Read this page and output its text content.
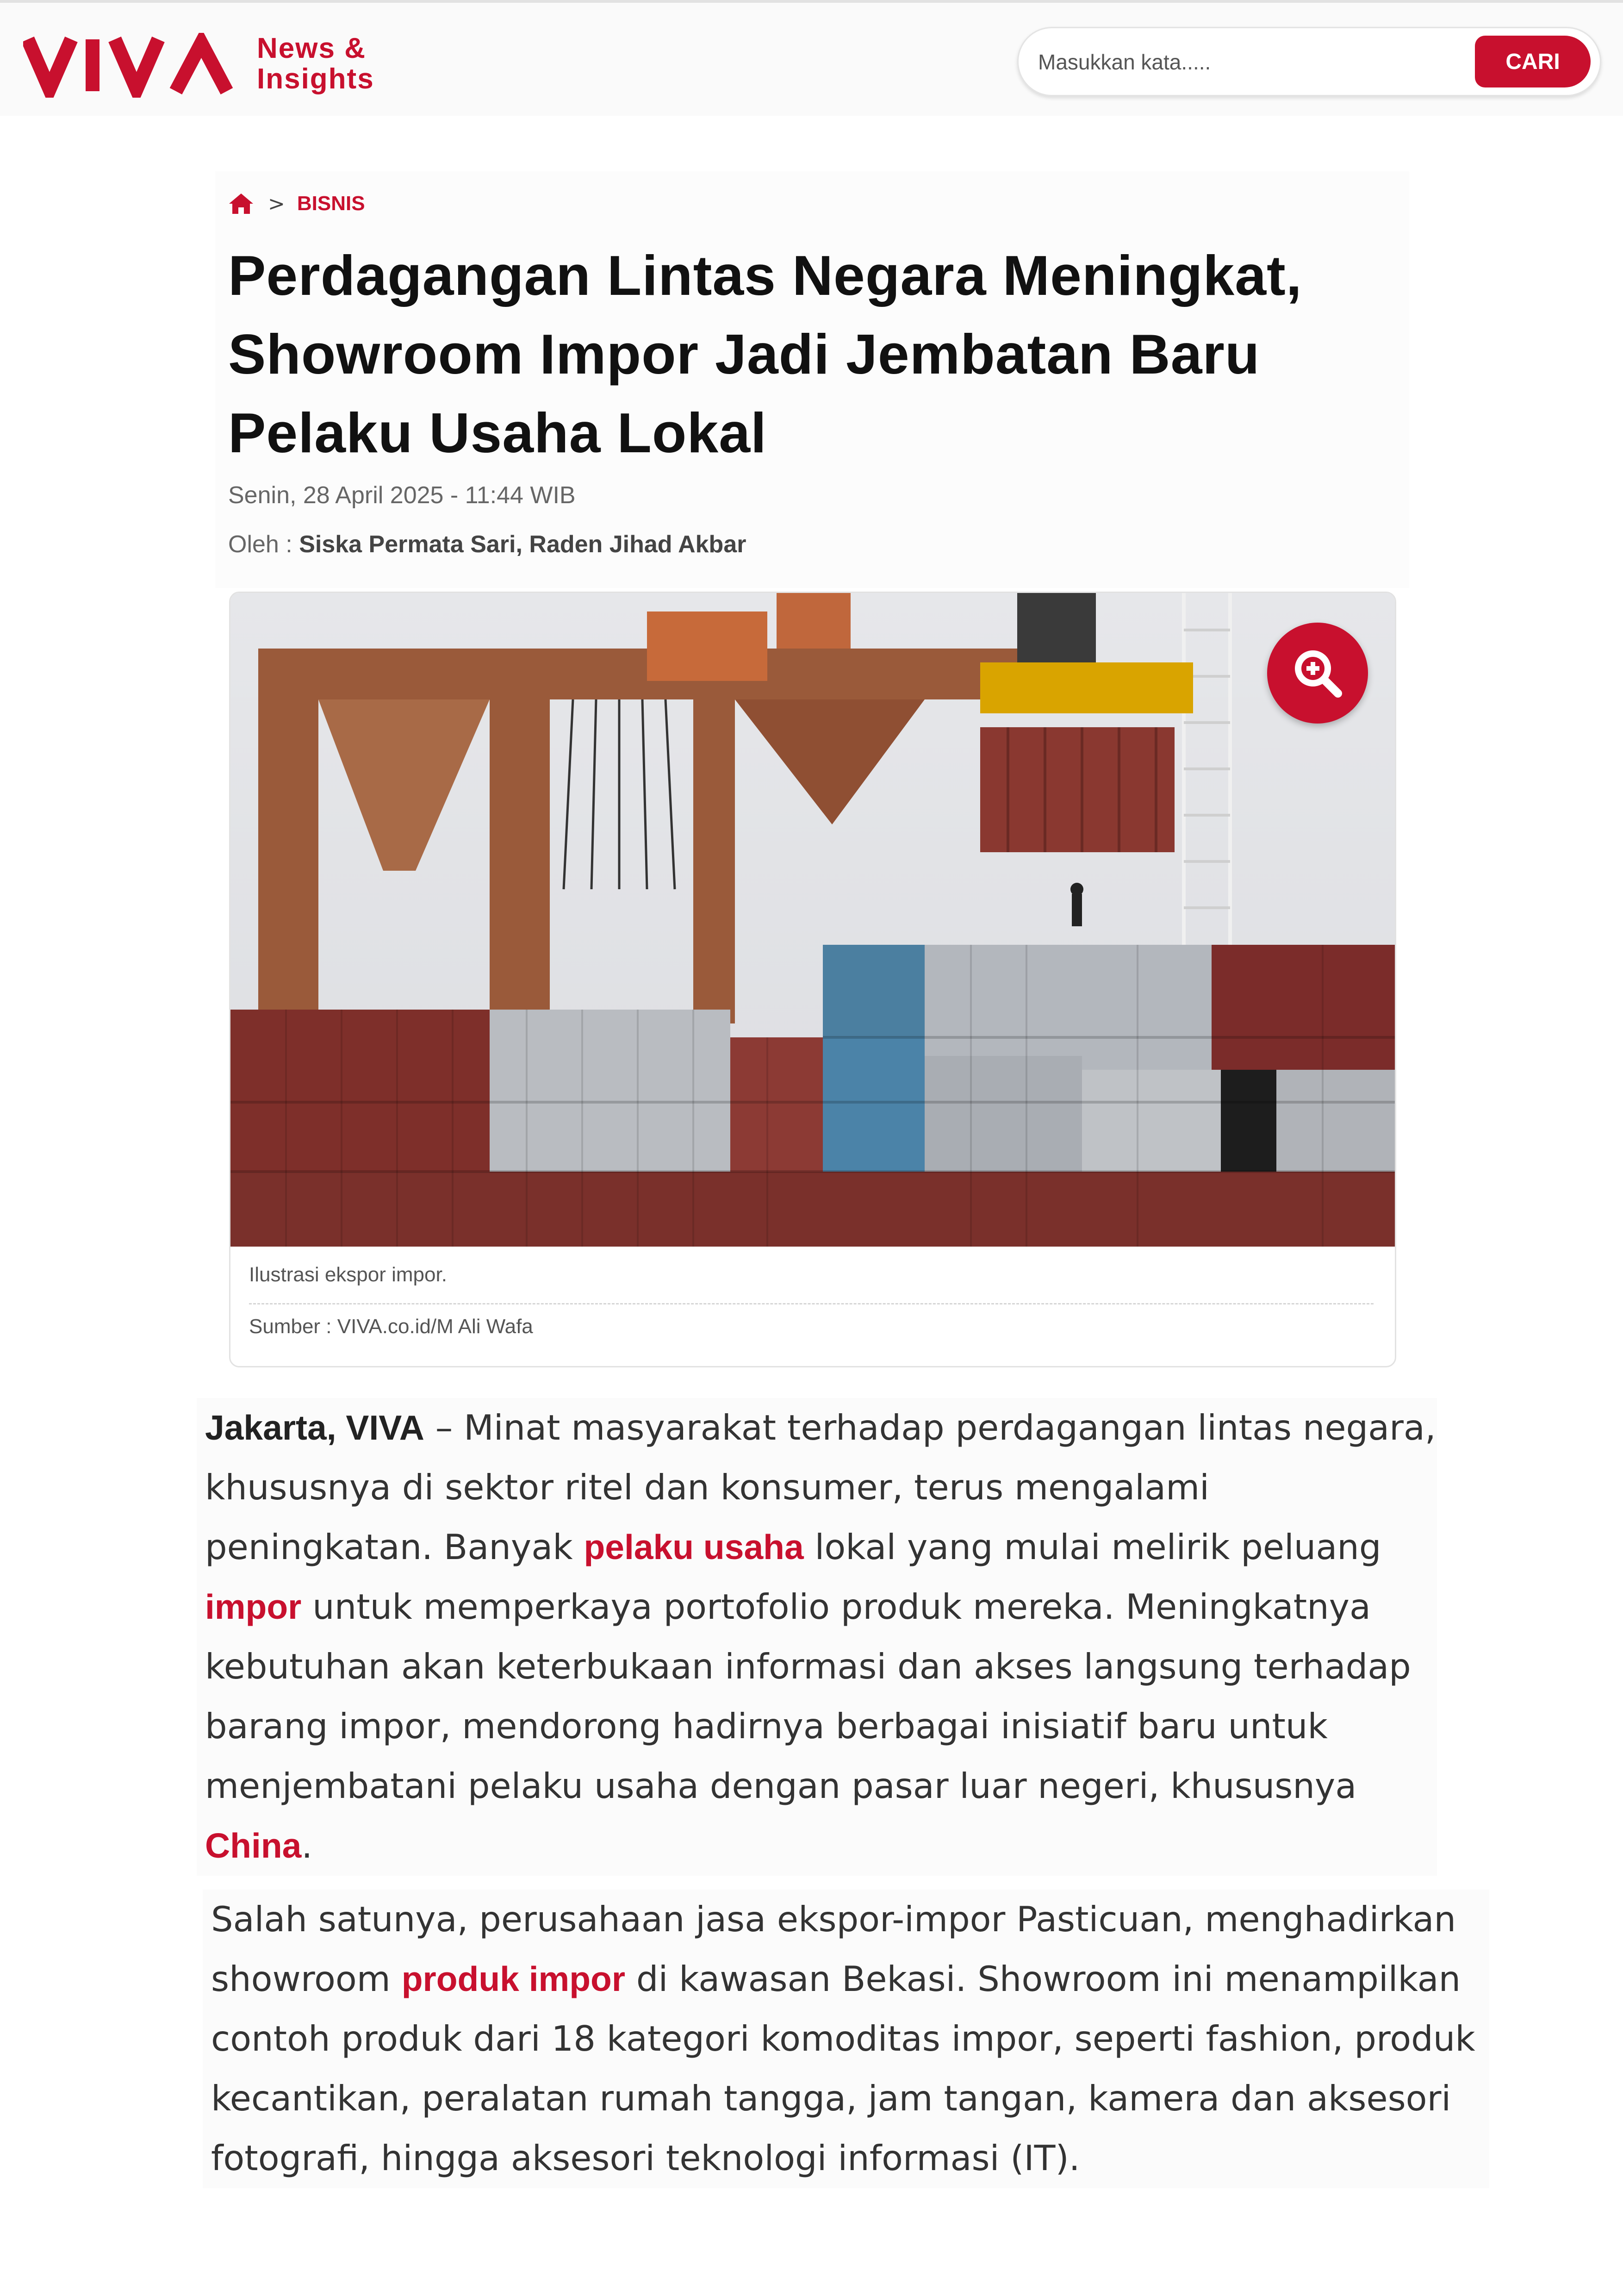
News &
Insights
Masukkan kata.....
CARI
> BISNIS
Perdagangan Lintas Negara Meningkat, Showroom Impor Jadi Jembatan Baru Pelaku Usaha Lokal

Senin, 28 April 2025 - 11:44 WIB

Oleh : Siska Permata Sari, Raden Jihad Akbar

Ilustrasi ekspor impor.

Sumber : VIVA.co.id/M Ali Wafa

Jakarta, VIVA – Minat masyarakat terhadap perdagangan lintas negara, khususnya di sektor ritel dan konsumer, terus mengalami peningkatan. Banyak pelaku usaha lokal yang mulai melirik peluang impor untuk memperkaya portofolio produk mereka. Meningkatnya kebutuhan akan keterbukaan informasi dan akses langsung terhadap barang impor, mendorong hadirnya berbagai inisiatif baru untuk menjembatani pelaku usaha dengan pasar luar negeri, khususnya China.

Salah satunya, perusahaan jasa ekspor-impor Pasticuan, menghadirkan showroom produk impor di kawasan Bekasi. Showroom ini menampilkan contoh produk dari 18 kategori komoditas impor, seperti fashion, produk kecantikan, peralatan rumah tangga, jam tangan, kamera dan aksesori fotografi, hingga aksesori teknologi informasi (IT).
